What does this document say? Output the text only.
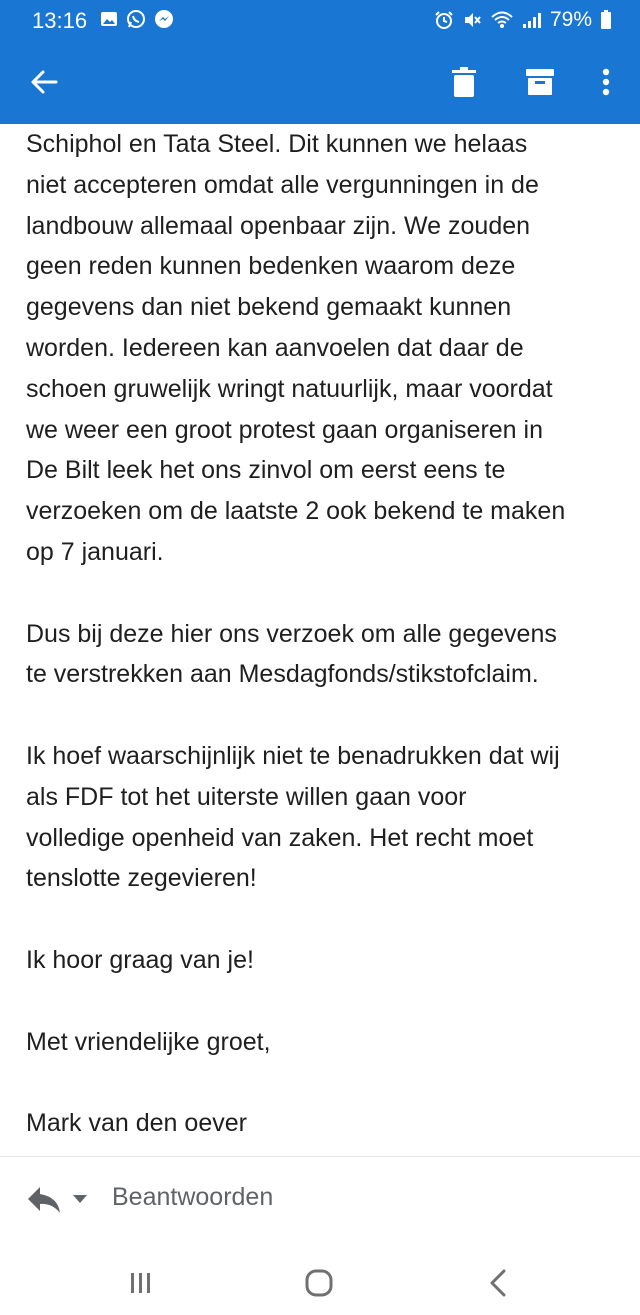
13:16	79%

Schiphol en Tata Steel. Dit kunnen we helaas
niet accepteren omdat alle vergunningen in de
landbouw allemaal openbaar zijn. We zouden
geen reden kunnen bedenken waarom deze
gegevens dan niet bekend gemaakt kunnen
worden. Iedereen kan aanvoelen dat daar de
schoen gruwelijk wringt natuurlijk, maar voordat
we weer een groot protest gaan organiseren in
De Bilt leek het ons zinvol om eerst eens te
verzoeken om de laatste 2 ook bekend te maken
op 7 januari.

Dus bij deze hier ons verzoek om alle gegevens
te verstrekken aan Mesdagfonds/stikstofclaim.

Ik hoef waarschijnlijk niet te benadrukken dat wij
als FDF tot het uiterste willen gaan voor
volledige openheid van zaken. Het recht moet
tenslotte zegevieren!

Ik hoor graag van je!

Met vriendelijke groet,

Mark van den oever

Beantwoorden
